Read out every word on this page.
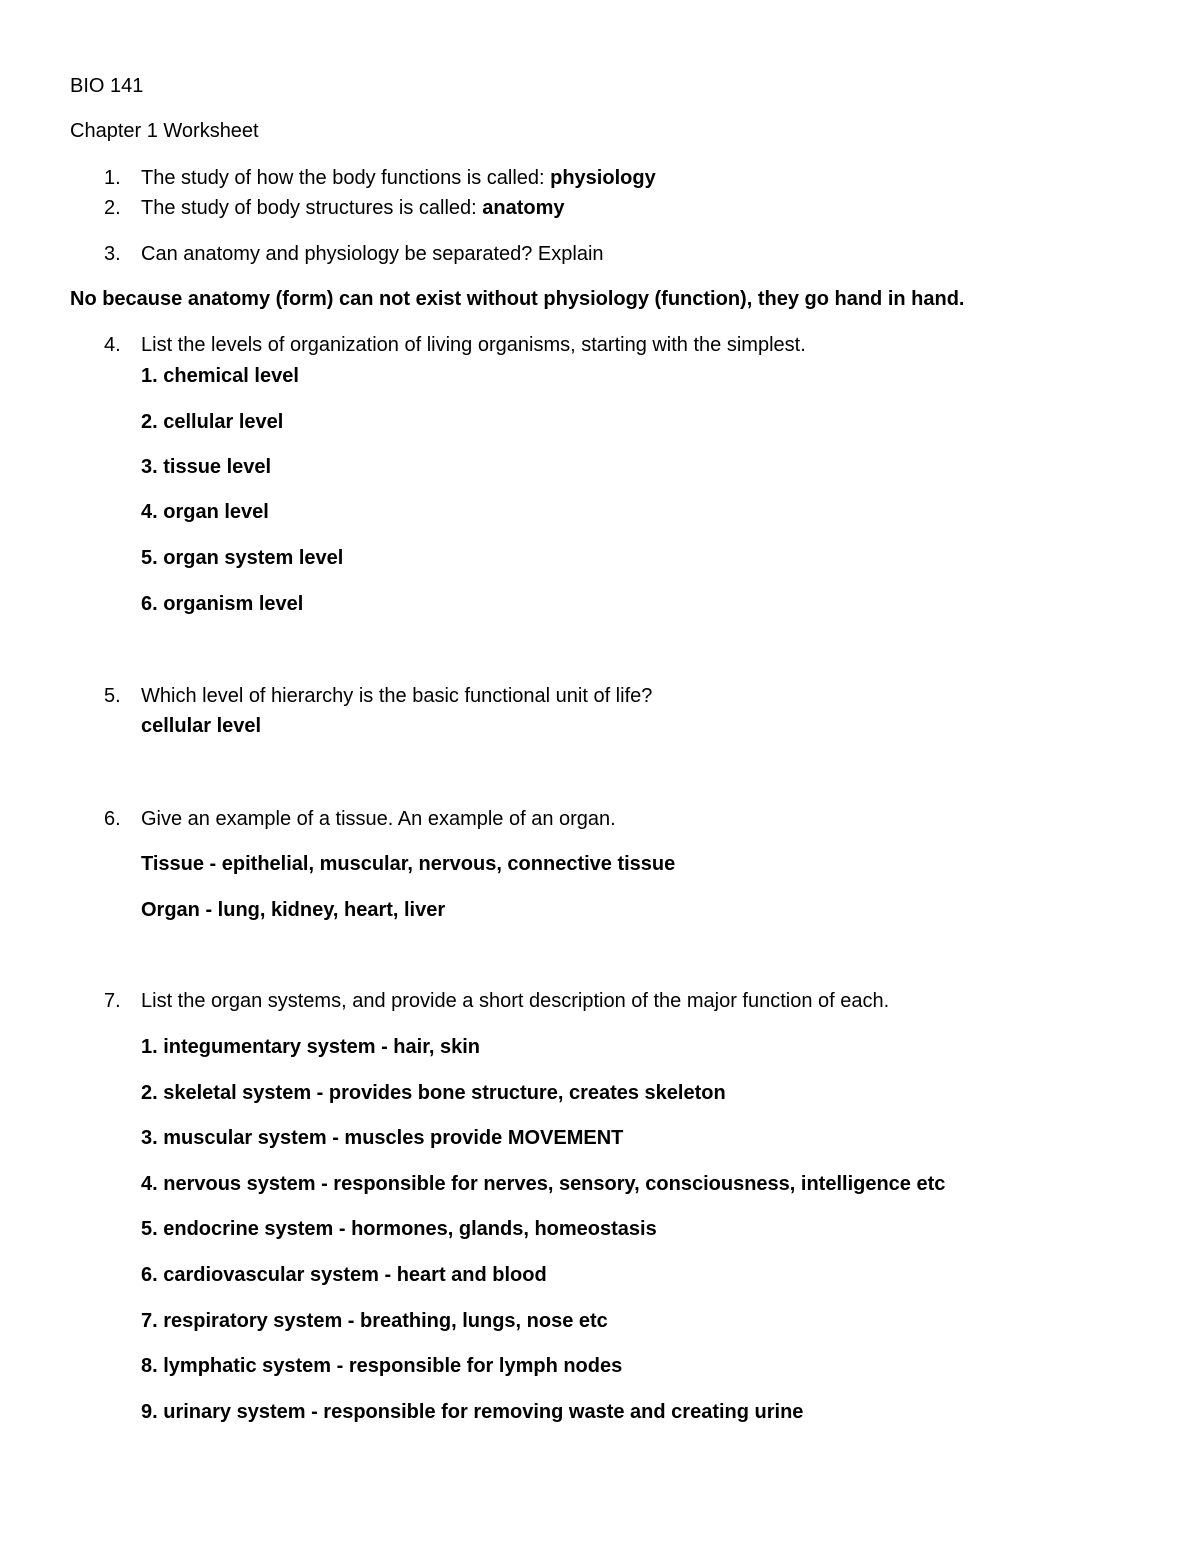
BIO 141
Chapter 1 Worksheet
1. The study of how the body functions is called: physiology
2. The study of body structures is called: anatomy
3. Can anatomy and physiology be separated? Explain
No because anatomy (form) can not exist without physiology (function), they go hand in hand.
4. List the levels of organization of living organisms, starting with the simplest.
1. chemical level
2. cellular level
3. tissue level
4. organ level
5. organ system level
6. organism level
5. Which level of hierarchy is the basic functional unit of life?
cellular level
6. Give an example of a tissue. An example of an organ.
Tissue - epithelial, muscular, nervous, connective tissue
Organ - lung, kidney, heart, liver
7. List the organ systems, and provide a short description of the major function of each.
1. integumentary system - hair, skin
2. skeletal system - provides bone structure, creates skeleton
3. muscular system - muscles provide MOVEMENT
4. nervous system - responsible for nerves, sensory, consciousness, intelligence etc
5. endocrine system - hormones, glands, homeostasis
6. cardiovascular system - heart and blood
7. respiratory system - breathing, lungs, nose etc
8. lymphatic system - responsible for lymph nodes
9. urinary system - responsible for removing waste and creating urine
